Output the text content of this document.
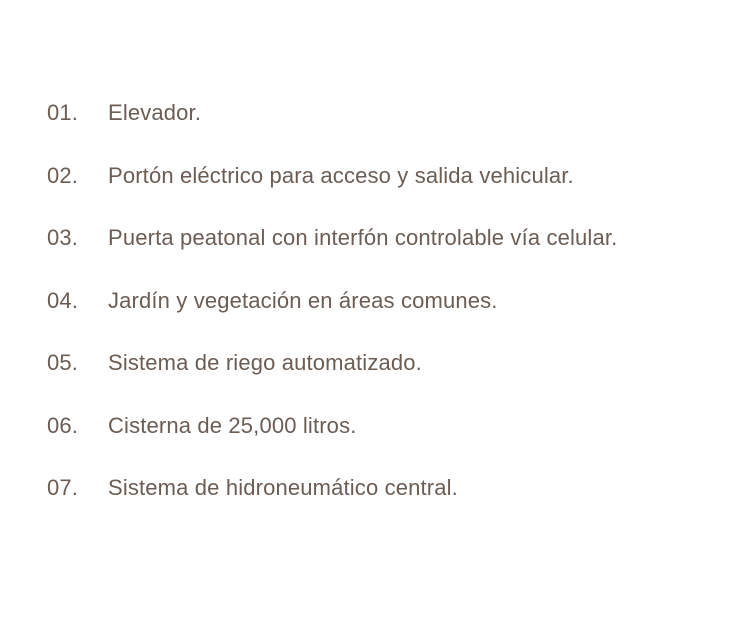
01.	Elevador.
02.	Portón eléctrico para acceso y salida vehicular.
03.	Puerta peatonal con interfón controlable vía celular.
04.	Jardín y vegetación en áreas comunes.
05.	Sistema de riego automatizado.
06.	Cisterna de 25,000 litros.
07.	Sistema de hidroneumático central.
